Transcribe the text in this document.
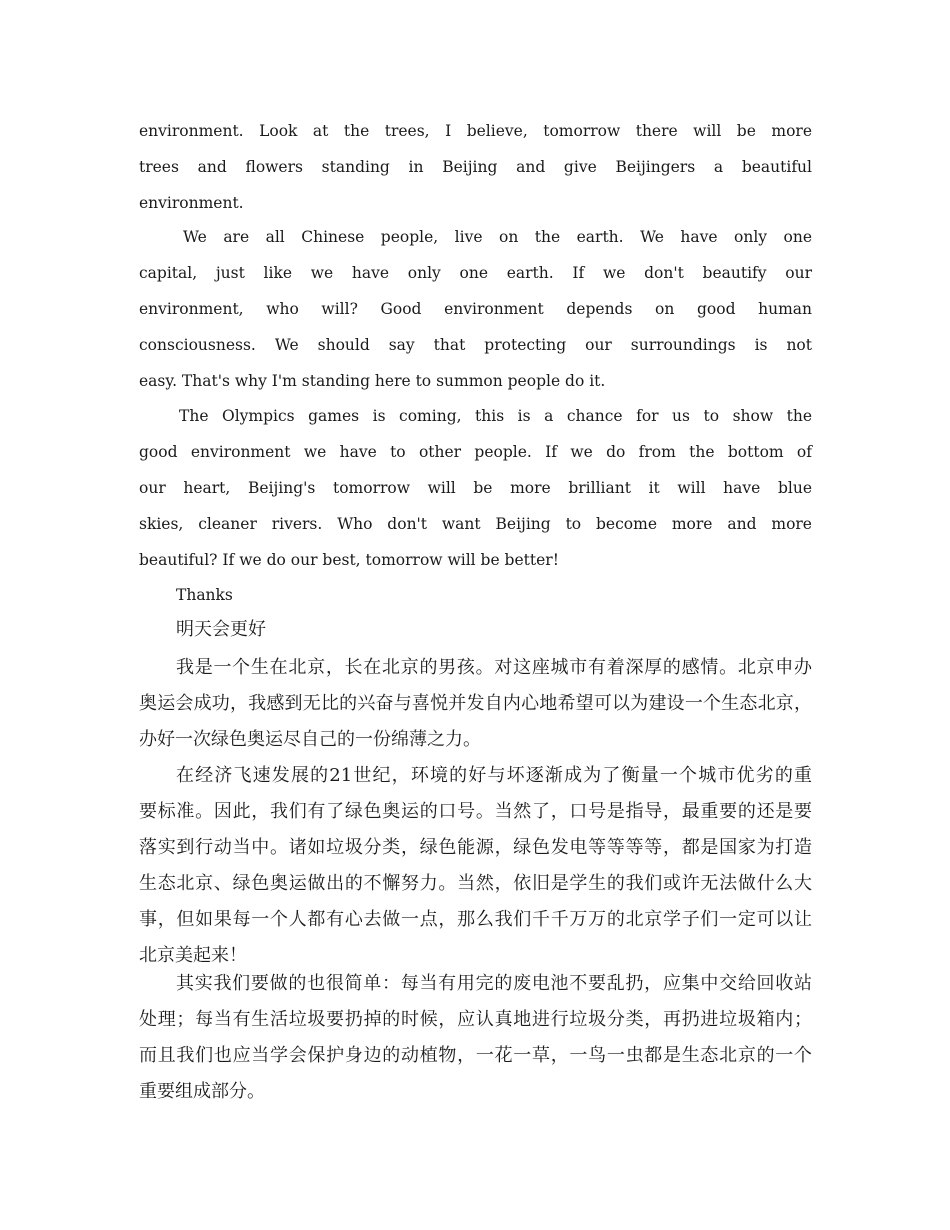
environment. Look at the trees, I believe, tomorrow there will be more
trees and flowers standing in Beijing and give Beijingers a beautiful
environment.
We are all Chinese people, live on the earth. We have only one
capital, just like we have only one earth. If we don't beautify our
environment, who will? Good environment depends on good human
consciousness. We should say that protecting our surroundings is not
easy. That's why I'm standing here to summon people do it.
The Olympics games is coming, this is a chance for us to show the
good environment we have to other people. If we do from the bottom of
our heart, Beijing's tomorrow will be more brilliant it will have blue
skies, cleaner rivers. Who don't want Beijing to become more and more
beautiful? If we do our best, tomorrow will be better!
Thanks
明天会更好
我是一个生在北京，长在北京的男孩。对这座城市有着深厚的感情。北京申办
奥运会成功，我感到无比的兴奋与喜悦并发自内心地希望可以为建设一个生态北京，
办好一次绿色奥运尽自己的一份绵薄之力。
在经济飞速发展的21世纪，环境的好与坏逐渐成为了衡量一个城市优劣的重
要标准。因此，我们有了绿色奥运的口号。当然了，口号是指导，最重要的还是要
落实到行动当中。诸如垃圾分类，绿色能源，绿色发电等等等等，都是国家为打造
生态北京、绿色奥运做出的不懈努力。当然，依旧是学生的我们或许无法做什么大
事，但如果每一个人都有心去做一点，那么我们千千万万的北京学子们一定可以让
北京美起来！
其实我们要做的也很简单：每当有用完的废电池不要乱扔，应集中交给回收站
处理；每当有生活垃圾要扔掉的时候，应认真地进行垃圾分类，再扔进垃圾箱内；
而且我们也应当学会保护身边的动植物，一花一草，一鸟一虫都是生态北京的一个
重要组成部分。
